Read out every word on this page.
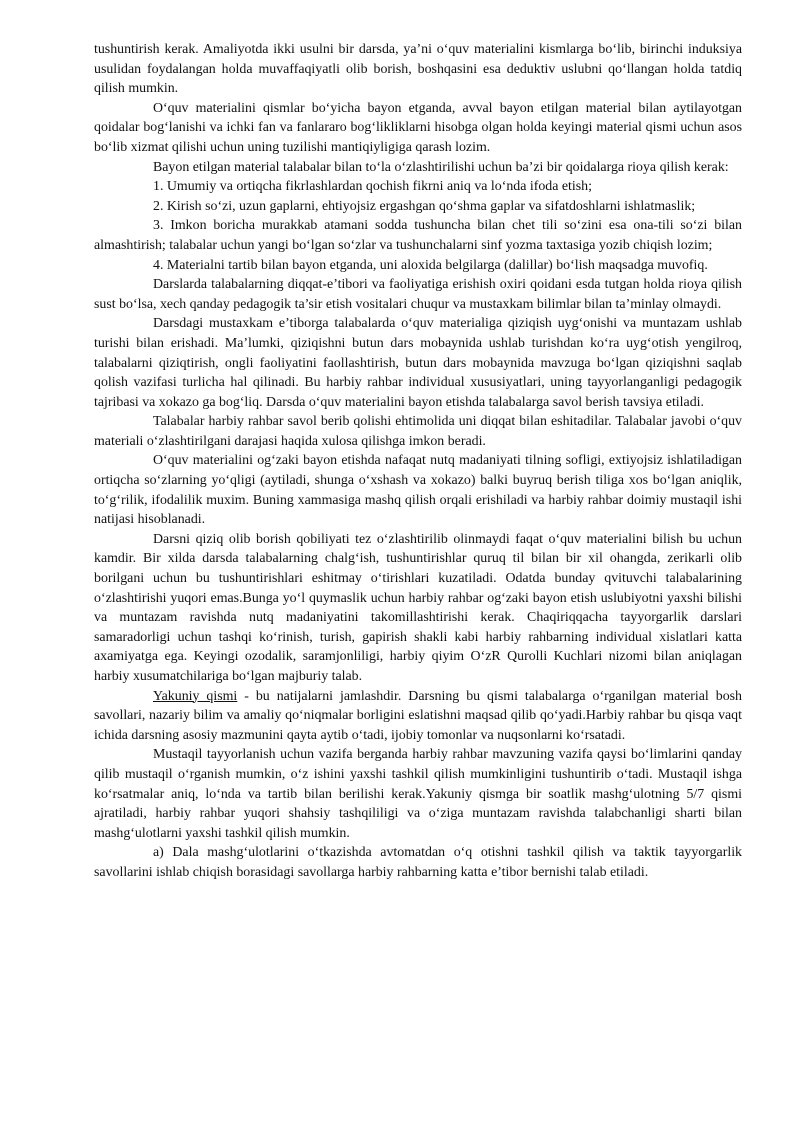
tushuntirish kerak. Amaliyotda ikki usulni bir darsda, ya’ni o‘quv materialini kismlarga bo‘lib, birinchi induksiya usulidan foydalangan holda muvaffaqiyatli olib borish, boshqasini esa deduktiv uslubni qo‘llangan holda tatdiq qilish mumkin.

O‘quv materialini qismlar bo‘yicha bayon etganda, avval bayon etilgan material bilan aytilayotgan qoidalar bog‘lanishi va ichki fan va fanlararo bog‘likliklarni hisobga olgan holda keyingi material qismi uchun asos bo‘lib xizmat qilishi uchun uning tuzilishi mantiqiyligiga qarash lozim.

Bayon etilgan material talabalar bilan to‘la o‘zlashtirilishi uchun ba’zi bir qoidalarga rioya qilish kerak:

1. Umumiy va ortiqcha fikrlashlardan qochish fikrni aniq va lo‘nda ifoda etish;

2. Kirish so‘zi, uzun gaplarni, ehtiyojsiz ergashgan qo‘shma gaplar va sifatdoshlarni ishlatmaslik;

3. Imkon boricha murakkab atamani sodda tushuncha bilan chet tili so‘zini esa ona-tili so‘zi bilan almashtirish; talabalar uchun yangi bo‘lgan so‘zlar va tushunchalarni sinf yozma taxtasiga yozib chiqish lozim;

4. Materialni tartib bilan bayon etganda, uni aloxida belgilarga (dalillar) bo‘lish maqsadga muvofiq.

Darslarda talabalarning diqqat-e’tibori va faoliyatiga erishish oxiri qoidani esda tutgan holda rioya qilish sust bo‘lsa, xech qanday pedagogik ta’sir etish vositalari chuqur va mustaxkam bilimlar bilan ta’minlay olmaydi.

Darsdagi mustaxkam e’tiborga talabalarda o‘quv materialiga qiziqish uyg‘onishi va muntazam ushlab turishi bilan erishadi. Ma’lumki, qiziqishni butun dars mobaynida ushlab turishdan ko‘ra uyg‘otish yengilroq, talabalarni qiziqtirish, ongli faoliyatini faollashtirish, butun dars mobaynida mavzuga bo‘lgan qiziqishni saqlab qolish vazifasi turlicha hal qilinadi. Bu harbiy rahbar individual xususiyatlari, uning tayyorlanganligi pedagogik tajribasi va xokazo ga bog‘liq. Darsda o‘quv materialini bayon etishda talabalarga savol berish tavsiya etiladi.

Talabalar harbiy rahbar savol berib qolishi ehtimolida uni diqqat bilan eshitadilar. Talabalar javobi o‘quv materiali o‘zlashtirilgani darajasi haqida xulosa qilishga imkon beradi.

O‘quv materialini og‘zaki bayon etishda nafaqat nutq madaniyati tilning sofligi, extiyojsiz ishlatiladigan ortiqcha so‘zlarning yo‘qligi (aytiladi, shunga o‘xshash va xokazo) balki buyruq berish tiliga xos bo‘lgan aniqlik, to‘g‘rilik, ifodalilik muxim. Buning xammasiga mashq qilish orqali erishiladi va harbiy rahbar doimiy mustaqil ishi natijasi hisoblanadi.

Darsni qiziq olib borish qobiliyati tez o‘zlashtirilib olinmaydi faqat o‘quv materialini bilish bu uchun kamdir. Bir xilda darsda talabalarning chalg‘ish, tushuntirishlar quruq til bilan bir xil ohangda, zerikarli olib borilgani uchun bu tushuntirishlari eshitmay o‘tirishlari kuzatiladi. Odatda bunday qvituvchi talabalarining o‘zlashtirishi yuqori emas.Bunga yo‘l quymaslik uchun harbiy rahbar og‘zaki bayon etish uslubiyotni yaxshi bilishi va muntazam ravishda nutq madaniyatini takomillashtirishi kerak. Chaqiriqqacha tayyorgarlik darslari samaradorligi uchun tashqi ko‘rinish, turish, gapirish shakli kabi harbiy rahbarning individual xislatlari katta axamiyatga ega. Keyingi ozodalik, saramjonliligi, harbiy qiyim O‘zR Qurolli Kuchlari nizomi bilan aniqlagan harbiy xusumatchilariga bo‘lgan majburiy talab.

Yakuniy qismi - bu natijalarni jamlashdir. Darsning bu qismi talabalarga o‘rganilgan material bosh savollari, nazariy bilim va amaliy qo‘niqmalar borligini eslatishni maqsad qilib qo‘yadi.Harbiy rahbar bu qisqa vaqt ichida darsning asosiy mazmunini qayta aytib o‘tadi, ijobiy tomonlar va nuqsonlarni ko‘rsatadi.

Mustaqil tayyorlanish uchun vazifa berganda harbiy rahbar mavzuning vazifa qaysi bo‘limlarini qanday qilib mustaqil o‘rganish mumkin, o‘z ishini yaxshi tashkil qilish mumkinligini tushuntirib o‘tadi. Mustaqil ishga ko‘rsatmalar aniq, lo‘nda va tartib bilan berilishi kerak.Yakuniy qismga bir soatlik mashg‘ulotning 5/7 qismi ajratiladi, harbiy rahbar yuqori shahsiy tashqililigi va o‘ziga muntazam ravishda talabchanligi sharti bilan mashg‘ulotlarni yaxshi tashkil qilish mumkin.

a) Dala mashg‘ulotlarini o‘tkazishda avtomatdan o‘q otishni tashkil qilish va taktik tayyorgarlik savollarini ishlab chiqish borasidagi savollarga harbiy rahbarning katta e’tibor bernishi talab etiladi.
